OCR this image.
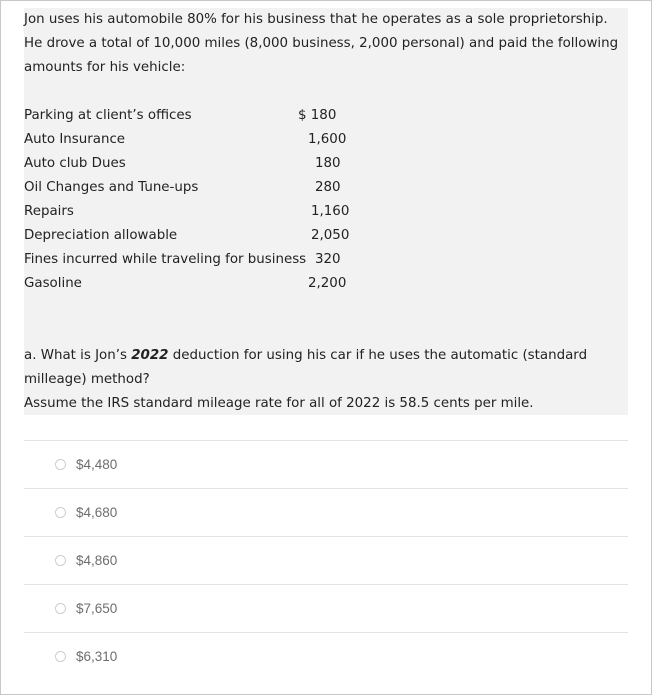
Jon uses his automobile 80% for his business that he operates as a sole proprietorship. He drove a total of 10,000 miles (8,000 business, 2,000 personal) and paid the following amounts for his vehicle:
Parking at client’s offices	$ 180
Auto Insurance	1,600
Auto club Dues	180
Oil Changes and Tune-ups	280
Repairs	1,160
Depreciation allowable	2,050
Fines incurred while traveling for business 320
Gasoline	2,200
a. What is Jon’s 2022 deduction for using his car if he uses the automatic (standard
milleage) method?
Assume the IRS standard mileage rate for all of 2022 is 58.5 cents per mile.
$4,480
$4,680
$4,860
$7,650
$6,310
